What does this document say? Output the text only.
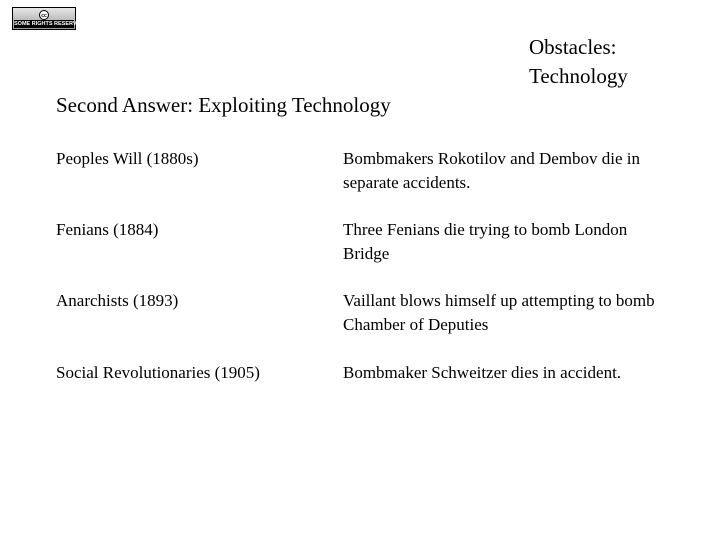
cc
SOME RIGHTS RESERVED
Obstacles:
Technology
Second Answer: Exploiting Technology
Peoples Will (1880s)	Bombmakers Rokotilov and Dembov die in separate accidents.
Fenians (1884)	Three Fenians die trying to bomb London Bridge
Anarchists (1893)	Vaillant blows himself up attempting to bomb Chamber of Deputies
Social Revolutionaries (1905)	Bombmaker Schweitzer dies in accident.
